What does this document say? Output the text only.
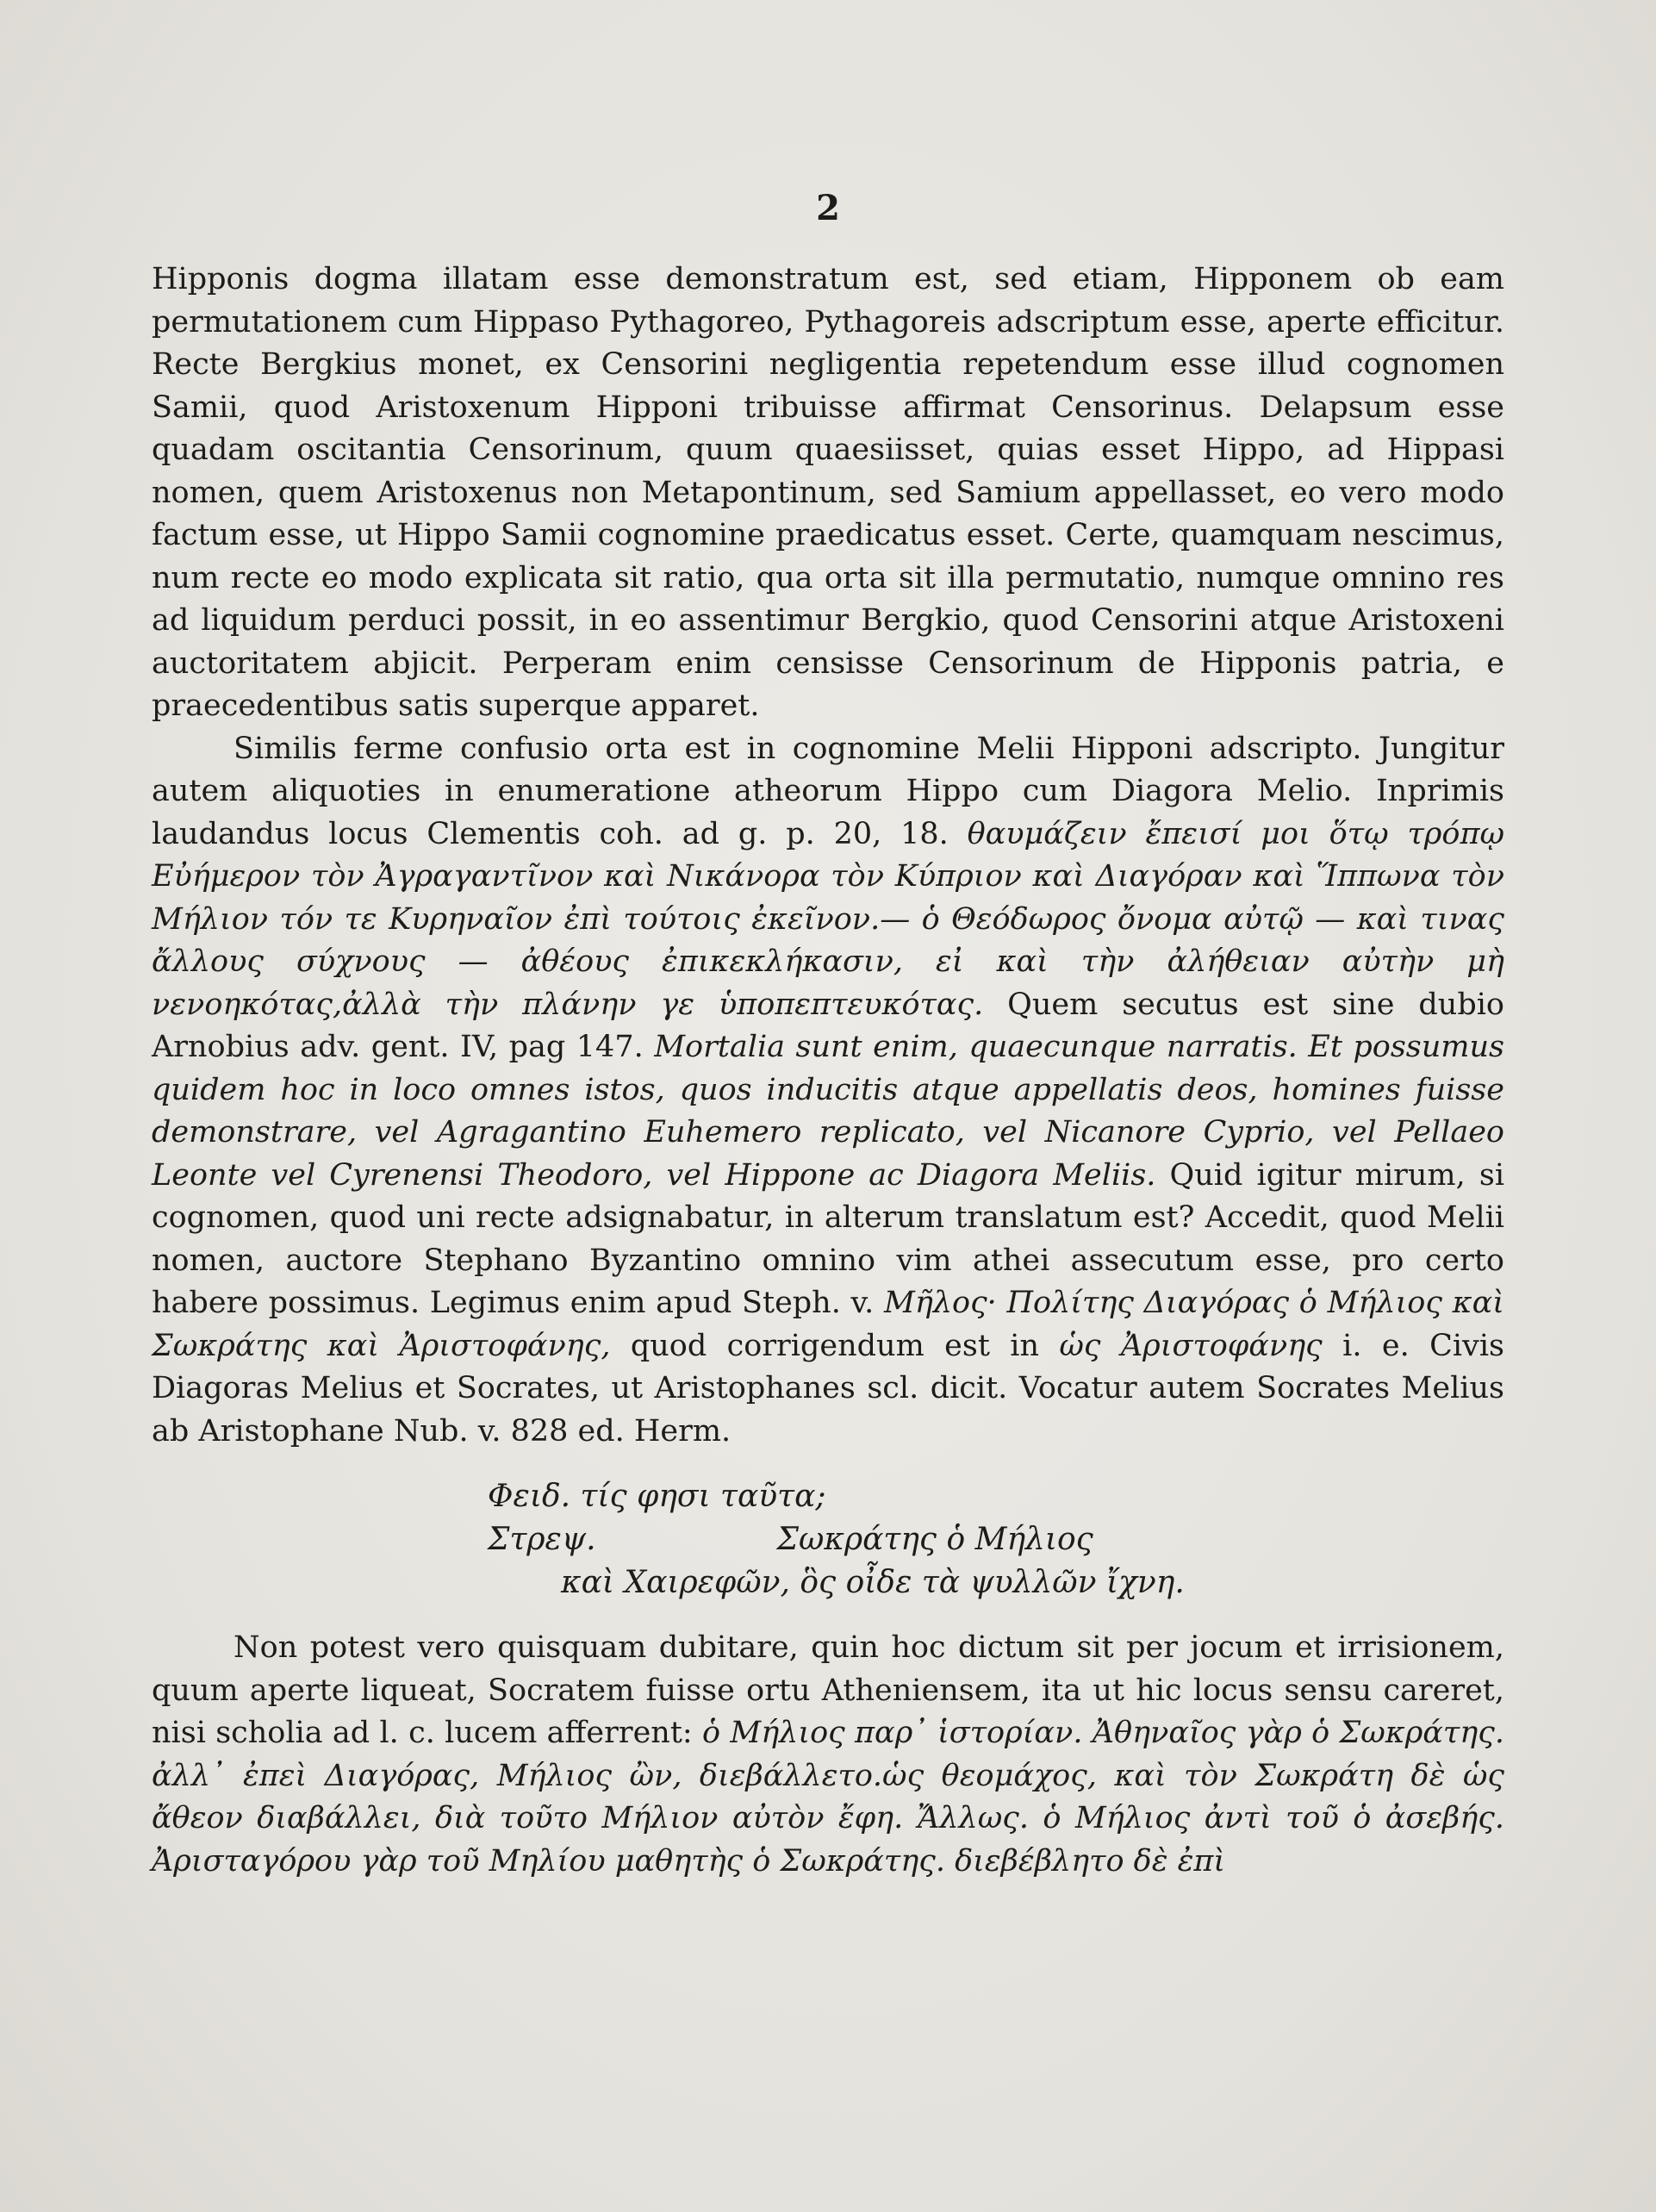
2

Hipponis dogma illatam esse demonstratum est, sed etiam, Hipponem ob eam permutationem cum Hippaso Pythagoreo, Pythagoreis adscriptum esse, aperte efficitur. Recte Bergkius monet, ex Censorini negligentia repetendum esse illud cognomen Samii, quod Aristoxenum Hipponi tribuisse affirmat Censorinus. Delapsum esse quadam oscitantia Censorinum, quum quaesiisset, quias esset Hippo, ad Hippasi nomen, quem Aristoxenus non Metapontinum, sed Samium appellasset, eo vero modo factum esse, ut Hippo Samii cognomine praedicatus esset. Certe, quamquam nescimus, num recte eo modo explicata sit ratio, qua orta sit illa permutatio, numque omnino res ad liquidum perduci possit, in eo assentimur Bergkio, quod Censorini atque Aristoxeni auctoritatem abjicit. Perperam enim censisse Censorinum de Hipponis patria, e praecedentibus satis superque apparet.

Similis ferme confusio orta est in cognomine Melii Hipponi adscripto. Jungitur autem aliquoties in enumeratione atheorum Hippo cum Diagora Melio. Inprimis laudandus locus Clementis coh. ad g. p. 20, 18. θαυμάζειν ἔπεισί μοι ὅτῳ τρόπῳ Εὐήμερον τὸν Ἀγραγαντῖνον καὶ Νικάνορα τὸν Κύπριον καὶ Διαγόραν καὶ Ἵππωνα τὸν Μήλιον τόν τε Κυρηναῖον ἐπὶ τούτοις ἐκεῖνον.— ὁ Θεόδωρος ὄνομα αὐτῷ — καὶ τινας ἄλλους σύχνους — ἀθέους ἐπικεκλήκασιν, εἰ καὶ τὴν ἀλήθειαν αὐτὴν μὴ νενοηκότας,ἀλλὰ τὴν πλάνην γε ὑποπεπτευκότας. Quem secutus est sine dubio Arnobius adv. gent. IV, pag 147. Mortalia sunt enim, quaecunque narratis. Et possumus quidem hoc in loco omnes istos, quos inducitis atque appellatis deos, homines fuisse demonstrare, vel Agragantino Euhemero replicato, vel Nicanore Cyprio, vel Pellaeo Leonte vel Cyrenensi Theodoro, vel Hippone ac Diagora Meliis. Quid igitur mirum, si cognomen, quod uni recte adsignabatur, in alterum translatum est? Accedit, quod Melii nomen, auctore Stephano Byzantino omnino vim athei assecutum esse, pro certo habere possimus. Legimus enim apud Steph. v. Μῆλος· Πολίτης Διαγόρας ὁ Μήλιος καὶ Σωκράτης καὶ Ἀριστοφάνης, quod corrigendum est in ὡς Ἀριστοφάνης i. e. Civis Diagoras Melius et Socrates, ut Aristophanes scl. dicit. Vocatur autem Socrates Melius ab Aristophane Nub. v. 828 ed. Herm.

Φειδ. τίς φησι ταῦτα;
Στρεψ.	Σωκράτης ὁ Μήλιος
καὶ Χαιρεφῶν, ὃς οἶδε τὰ ψυλλῶν ἴχνη.

Non potest vero quisquam dubitare, quin hoc dictum sit per jocum et irrisionem, quum aperte liqueat, Socratem fuisse ortu Atheniensem, ita ut hic locus sensu careret, nisi scholia ad l. c. lucem afferrent: ὁ Μήλιος παρ᾽ ἱστορίαν. Ἀθηναῖος γὰρ ὁ Σωκράτης. ἀλλ᾽ ἐπεὶ Διαγόρας, Μήλιος ὢν, διεβάλλετο.ὡς θεομάχος, καὶ τὸν Σωκράτη δὲ ὡς ἄθεον διαβάλλει, διὰ τοῦτο Μήλιον αὐτὸν ἔφη. Ἄλλως. ὁ Μήλιος ἀντὶ τοῦ ὁ ἀσεβής. Ἀρισταγόρου γὰρ τοῦ Μηλίου μαθητὴς ὁ Σωκράτης. διεβέβλητο δὲ ἐπὶ
